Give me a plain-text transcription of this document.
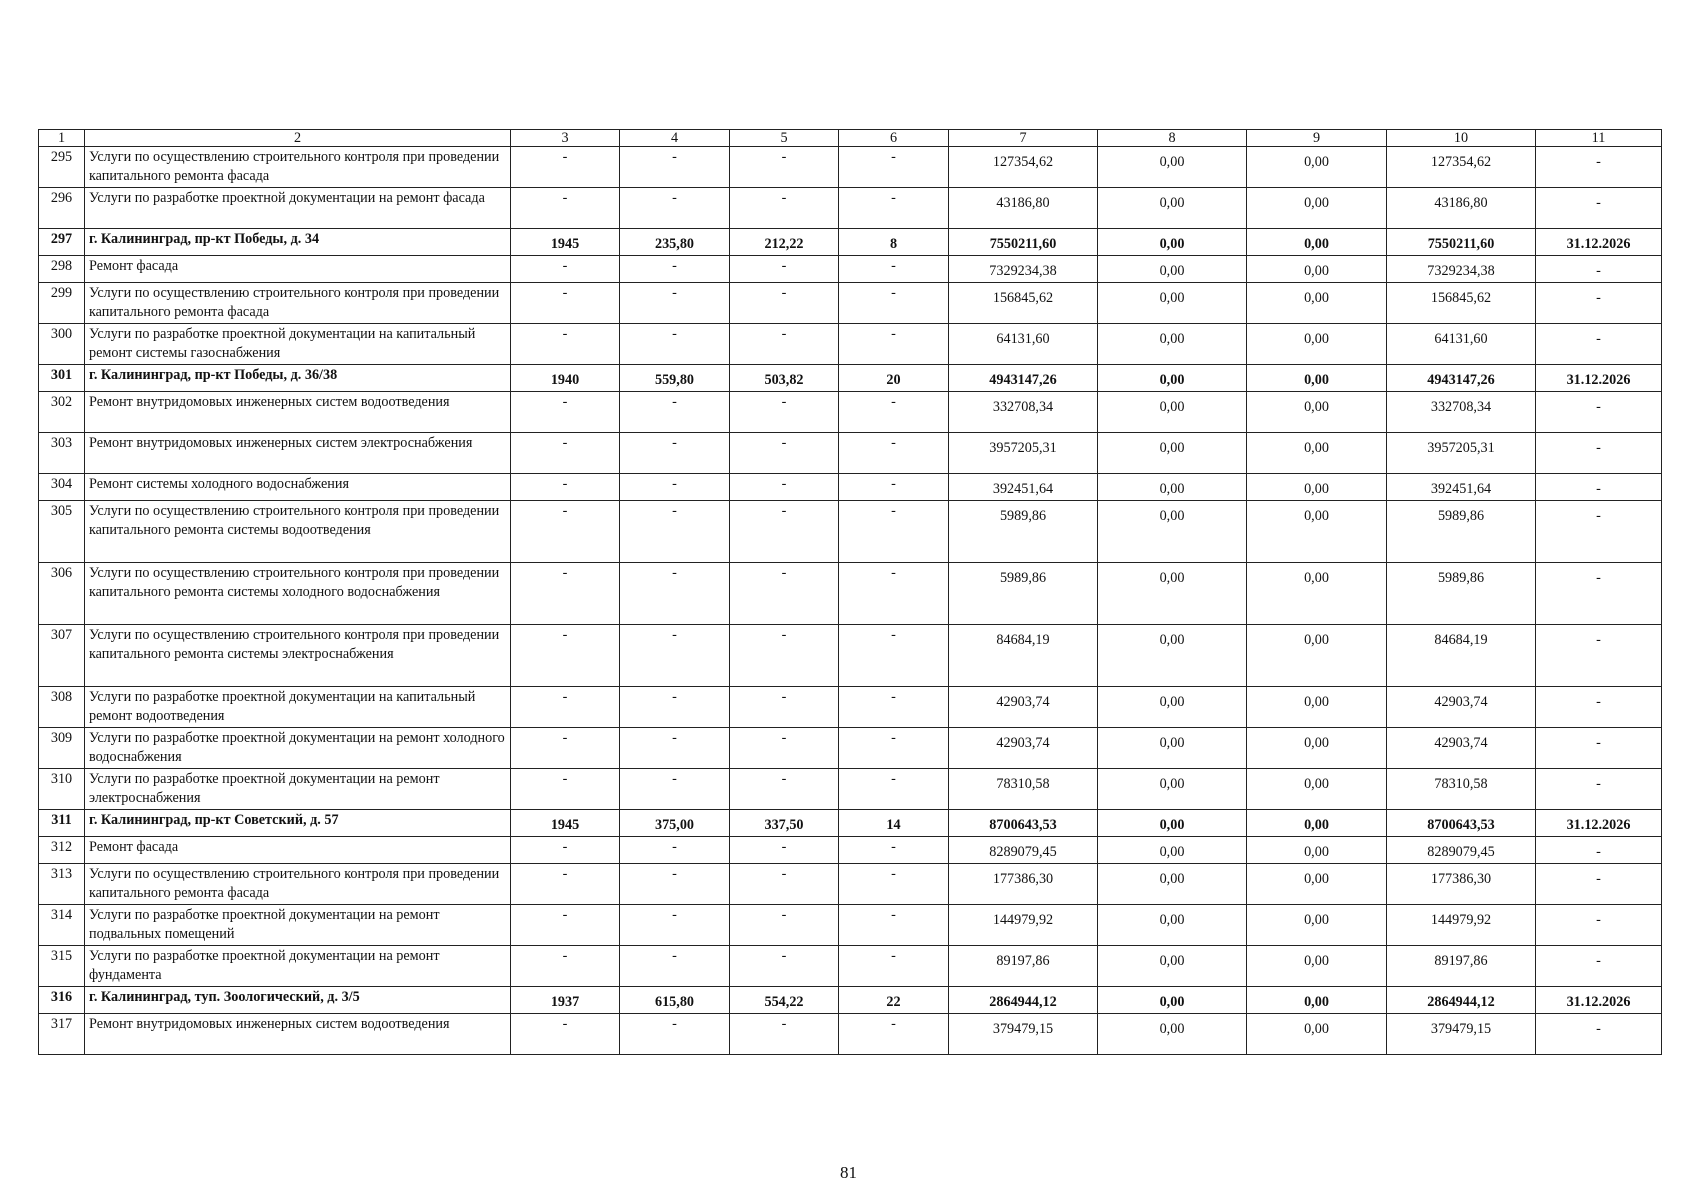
1	2	3	4	5	6	7	8	9	10	11
295	Услуги по осуществлению строительного контроля при проведении капитального ремонта фасада	-	-	-	-	127354,62	0,00	0,00	127354,62	-
296	Услуги по разработке проектной документации на ремонт фасада	-	-	-	-	43186,80	0,00	0,00	43186,80	-
297	г. Калининград, пр-кт Победы, д. 34	1945	235,80	212,22	8	7550211,60	0,00	0,00	7550211,60	31.12.2026
298	Ремонт фасада	-	-	-	-	7329234,38	0,00	0,00	7329234,38	-
299	Услуги по осуществлению строительного контроля при проведении капитального ремонта фасада	-	-	-	-	156845,62	0,00	0,00	156845,62	-
300	Услуги по разработке проектной документации на капитальный ремонт системы газоснабжения	-	-	-	-	64131,60	0,00	0,00	64131,60	-
301	г. Калининград, пр-кт Победы, д. 36/38	1940	559,80	503,82	20	4943147,26	0,00	0,00	4943147,26	31.12.2026
302	Ремонт внутридомовых инженерных систем водоотведения	-	-	-	-	332708,34	0,00	0,00	332708,34	-
303	Ремонт внутридомовых инженерных систем электроснабжения	-	-	-	-	3957205,31	0,00	0,00	3957205,31	-
304	Ремонт системы холодного водоснабжения	-	-	-	-	392451,64	0,00	0,00	392451,64	-
305	Услуги по осуществлению строительного контроля при проведении капитального ремонта системы водоотведения	-	-	-	-	5989,86	0,00	0,00	5989,86	-
306	Услуги по осуществлению строительного контроля при проведении капитального ремонта системы холодного водоснабжения	-	-	-	-	5989,86	0,00	0,00	5989,86	-
307	Услуги по осуществлению строительного контроля при проведении капитального ремонта системы электроснабжения	-	-	-	-	84684,19	0,00	0,00	84684,19	-
308	Услуги по разработке проектной документации на капитальный ремонт водоотведения	-	-	-	-	42903,74	0,00	0,00	42903,74	-
309	Услуги по разработке проектной документации на ремонт холодного водоснабжения	-	-	-	-	42903,74	0,00	0,00	42903,74	-
310	Услуги по разработке проектной документации на ремонт электроснабжения	-	-	-	-	78310,58	0,00	0,00	78310,58	-
311	г. Калининград, пр-кт Советский, д. 57	1945	375,00	337,50	14	8700643,53	0,00	0,00	8700643,53	31.12.2026
312	Ремонт фасада	-	-	-	-	8289079,45	0,00	0,00	8289079,45	-
313	Услуги по осуществлению строительного контроля при проведении капитального ремонта фасада	-	-	-	-	177386,30	0,00	0,00	177386,30	-
314	Услуги по разработке проектной документации на ремонт подвальных помещений	-	-	-	-	144979,92	0,00	0,00	144979,92	-
315	Услуги по разработке проектной документации на ремонт фундамента	-	-	-	-	89197,86	0,00	0,00	89197,86	-
316	г. Калининград, туп. Зоологический, д. 3/5	1937	615,80	554,22	22	2864944,12	0,00	0,00	2864944,12	31.12.2026
317	Ремонт внутридомовых инженерных систем водоотведения	-	-	-	-	379479,15	0,00	0,00	379479,15	-
81
